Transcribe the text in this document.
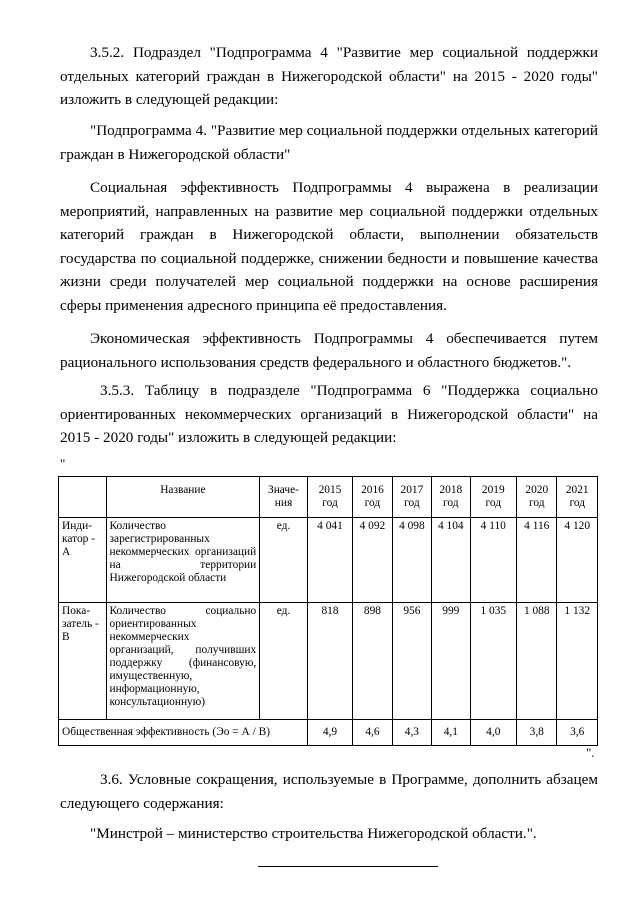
3.5.2. Подраздел "Подпрограмма 4 "Развитие мер социальной поддержки отдельных категорий граждан в Нижегородской области" на 2015 - 2020 годы" изложить в следующей редакции:

"Подпрограмма 4. "Развитие мер социальной поддержки отдельных категорий граждан в Нижегородской области"

Социальная эффективность Подпрограммы 4 выражена в реализации мероприятий, направленных на развитие мер социальной поддержки отдельных категорий граждан в Нижегородской области, выполнении обязательств государства по социальной поддержке, снижении бедности и повышение качества жизни среди получателей мер социальной поддержки на основе расширения сферы применения адресного принципа её предоставления.

Экономическая эффективность Подпрограммы 4 обеспечивается путем рационального использования средств федерального и областного бюджетов.".

3.5.3. Таблицу в подразделе "Подпрограмма 6 "Поддержка социально ориентированных некоммерческих организаций в Нижегородской области" на 2015 - 2020 годы" изложить в следующей редакции:

"
	Название	Значе-ния	2015 год	2016 год	2017 год	2018 год	2019 год	2020 год	2021 год
Инди-катор - А	Количество зарегистрированных некоммерческих организаций на территории Нижегородской области	ед.	4 041	4 092	4 098	4 104	4 110	4 116	4 120
Пока-затель - В	Количество социально ориентированных некоммерческих организаций, получивших поддержку (финансовую, имущественную, информационную, консультационную)	ед.	818	898	956	999	1 035	1 088	1 132
Общественная эффективность (Эо = А / В)			4,9	4,6	4,3	4,1	4,0	3,8	3,6
".

3.6. Условные сокращения, используемые в Программе, дополнить абзацем следующего содержания:

"Минстрой – министерство строительства Нижегородской области.".
